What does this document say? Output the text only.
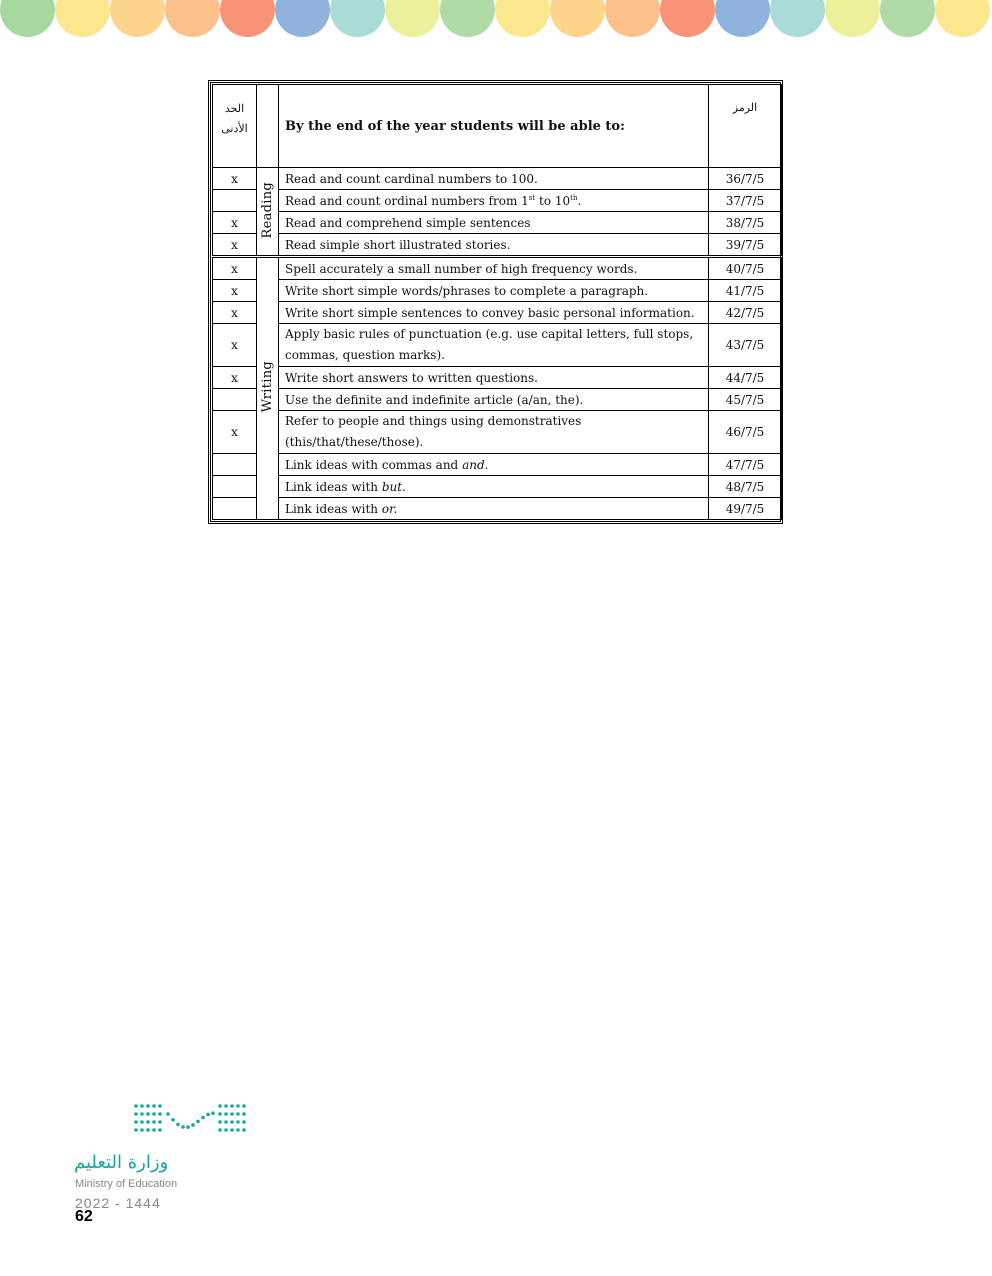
الحد الأدنى		By the end of the year students will be able to:	الرمز
x	Reading	Read and count cardinal numbers to 100.	36/7/5
		Read and count ordinal numbers from 1st to 10th.	37/7/5
x		Read and comprehend simple sentences	38/7/5
x		Read simple short illustrated stories.	39/7/5
x	Writing	Spell accurately a small number of high frequency words.	40/7/5
x		Write short simple words/phrases to complete a paragraph.	41/7/5
x		Write short simple sentences to convey basic personal information.	42/7/5
x		Apply basic rules of punctuation (e.g. use capital letters, full stops, commas, question marks).	43/7/5
x		Write short answers to written questions.	44/7/5
		Use the definite and indefinite article (a/an, the).	45/7/5
x		Refer to people and things using demonstratives (this/that/these/those).	46/7/5
		Link ideas with commas and and.	47/7/5
		Link ideas with but.	48/7/5
		Link ideas with or.	49/7/5
وزارة التعليم
Ministry of Education
2022 - 1444
62
